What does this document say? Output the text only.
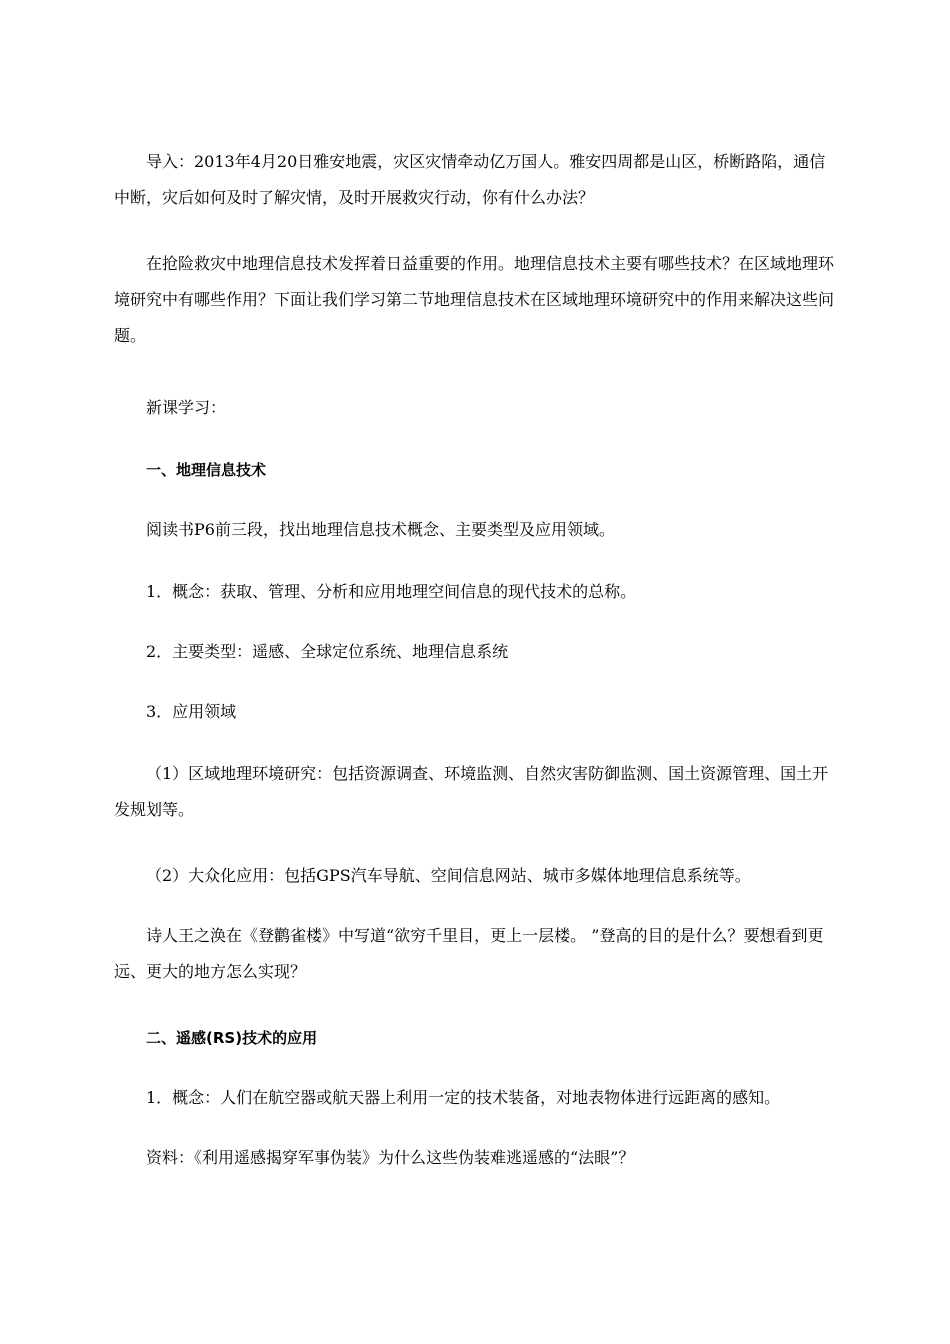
导入：2013年4月20日雅安地震，灾区灾情牵动亿万国人。雅安四周都是山区，桥断路陷，通信中断，灾后如何及时了解灾情，及时开展救灾行动，你有什么办法？

在抢险救灾中地理信息技术发挥着日益重要的作用。地理信息技术主要有哪些技术？在区域地理环境研究中有哪些作用？下面让我们学习第二节地理信息技术在区域地理环境研究中的作用来解决这些问题。

新课学习：

一、地理信息技术

阅读书P6前三段，找出地理信息技术概念、主要类型及应用领域。

1．概念：获取、管理、分析和应用地理空间信息的现代技术的总称。

2．主要类型：遥感、全球定位系统、地理信息系统

3．应用领域

（1）区域地理环境研究：包括资源调查、环境监测、自然灾害防御监测、国土资源管理、国土开发规划等。

（2）大众化应用：包括GPS汽车导航、空间信息网站、城市多媒体地理信息系统等。

诗人王之涣在《登鹳雀楼》中写道“欲穷千里目，更上一层楼。 ”登高的目的是什么？要想看到更远、更大的地方怎么实现？

二、遥感(RS)技术的应用

1．概念：人们在航空器或航天器上利用一定的技术装备，对地表物体进行远距离的感知。

资料：《利用遥感揭穿军事伪装》为什么这些伪装难逃遥感的“法眼”？
